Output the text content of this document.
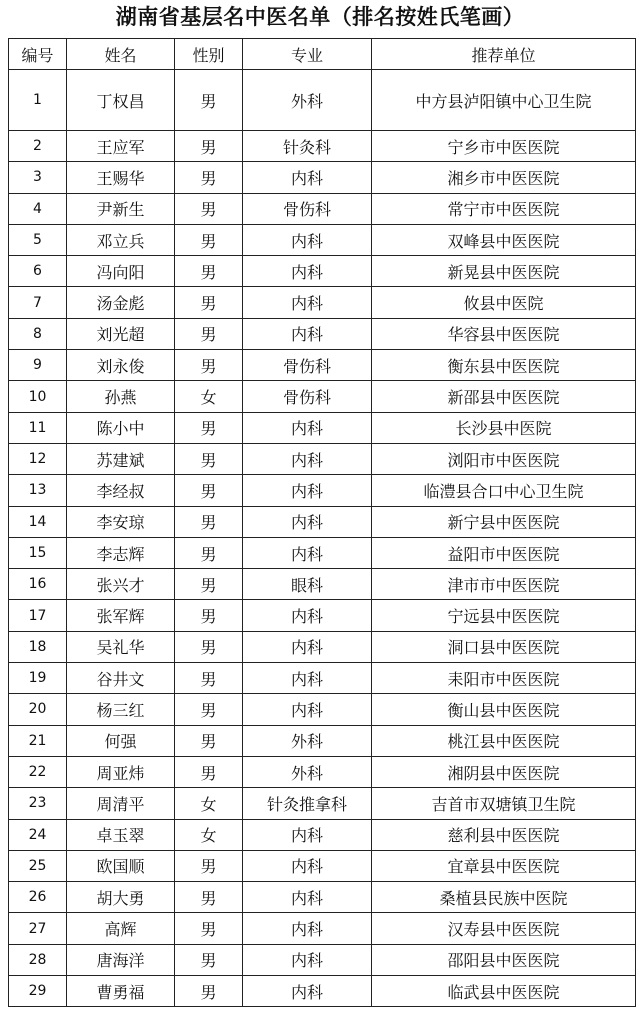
湖南省基层名中医名单（排名按姓氏笔画）
编号	姓名	性别	专业	推荐单位
1	丁权昌	男	外科	中方县泸阳镇中心卫生院
2	王应军	男	针灸科	宁乡市中医医院
3	王赐华	男	内科	湘乡市中医医院
4	尹新生	男	骨伤科	常宁市中医医院
5	邓立兵	男	内科	双峰县中医医院
6	冯向阳	男	内科	新晃县中医医院
7	汤金彪	男	内科	攸县中医院
8	刘光超	男	内科	华容县中医医院
9	刘永俊	男	骨伤科	衡东县中医医院
10	孙燕	女	骨伤科	新邵县中医医院
11	陈小中	男	内科	长沙县中医院
12	苏建斌	男	内科	浏阳市中医医院
13	李经叔	男	内科	临澧县合口中心卫生院
14	李安琼	男	内科	新宁县中医医院
15	李志辉	男	内科	益阳市中医医院
16	张兴才	男	眼科	津市市中医医院
17	张军辉	男	内科	宁远县中医医院
18	吴礼华	男	内科	洞口县中医医院
19	谷井文	男	内科	耒阳市中医医院
20	杨三红	男	内科	衡山县中医医院
21	何强	男	外科	桃江县中医医院
22	周亚炜	男	外科	湘阴县中医医院
23	周清平	女	针灸推拿科	吉首市双塘镇卫生院
24	卓玉翠	女	内科	慈利县中医医院
25	欧国顺	男	内科	宜章县中医医院
26	胡大勇	男	内科	桑植县民族中医院
27	高辉	男	内科	汉寿县中医医院
28	唐海洋	男	内科	邵阳县中医医院
29	曹勇福	男	内科	临武县中医医院
